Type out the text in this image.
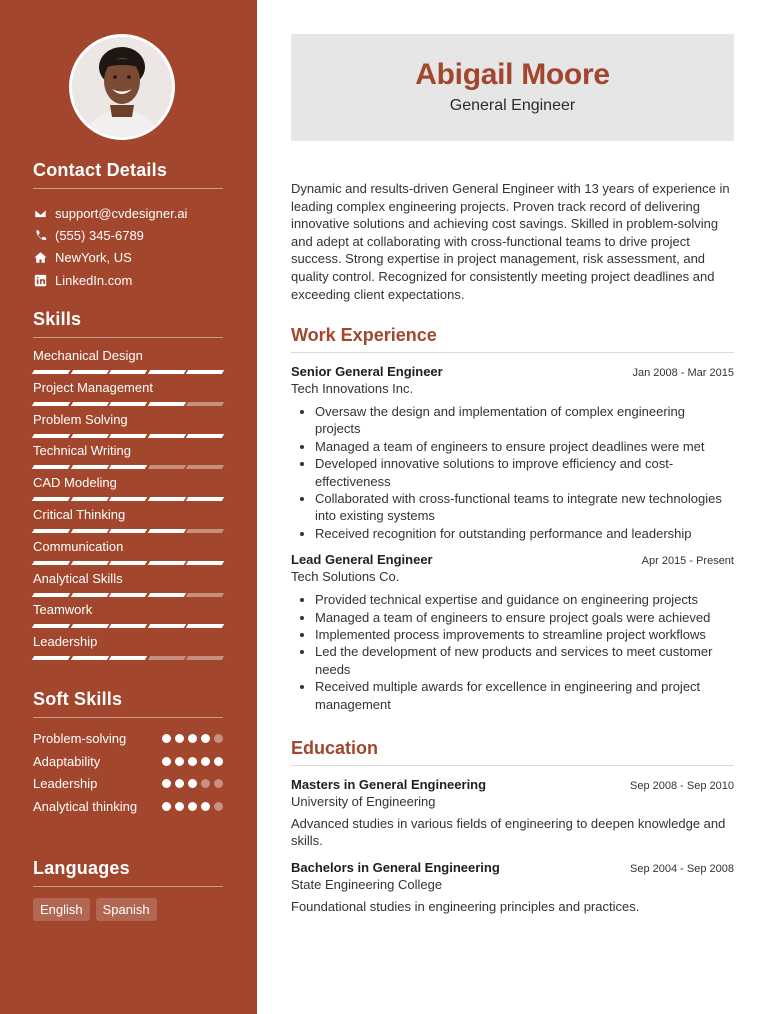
Contact Details
support@cvdesigner.ai
(555) 345-6789
NewYork, US
LinkedIn.com
Skills
Mechanical Design
Project Management
Problem Solving
Technical Writing
CAD Modeling
Critical Thinking
Communication
Analytical Skills
Teamwork
Leadership
Soft Skills
Problem-solving
Adaptability
Leadership
Analytical thinking
Languages
English	Spanish
Abigail Moore
General Engineer

Dynamic and results-driven General Engineer with 13 years of experience in leading complex engineering projects. Proven track record of delivering innovative solutions and achieving cost savings. Skilled in problem-solving and adept at collaborating with cross-functional teams to drive project success. Strong expertise in project management, risk assessment, and quality control. Recognized for consistently meeting project deadlines and exceeding client expectations.

Work Experience
Senior General Engineer	Jan 2008 - Mar 2015
Tech Innovations Inc.
• Oversaw the design and implementation of complex engineering projects
• Managed a team of engineers to ensure project deadlines were met
• Developed innovative solutions to improve efficiency and cost-effectiveness
• Collaborated with cross-functional teams to integrate new technologies into existing systems
• Received recognition for outstanding performance and leadership
Lead General Engineer	Apr 2015 - Present
Tech Solutions Co.
• Provided technical expertise and guidance on engineering projects
• Managed a team of engineers to ensure project goals were achieved
• Implemented process improvements to streamline project workflows
• Led the development of new products and services to meet customer needs
• Received multiple awards for excellence in engineering and project management
Education
Masters in General Engineering	Sep 2008 - Sep 2010
University of Engineering

Advanced studies in various fields of engineering to deepen knowledge and skills.

Bachelors in General Engineering	Sep 2004 - Sep 2008
State Engineering College

Foundational studies in engineering principles and practices.
